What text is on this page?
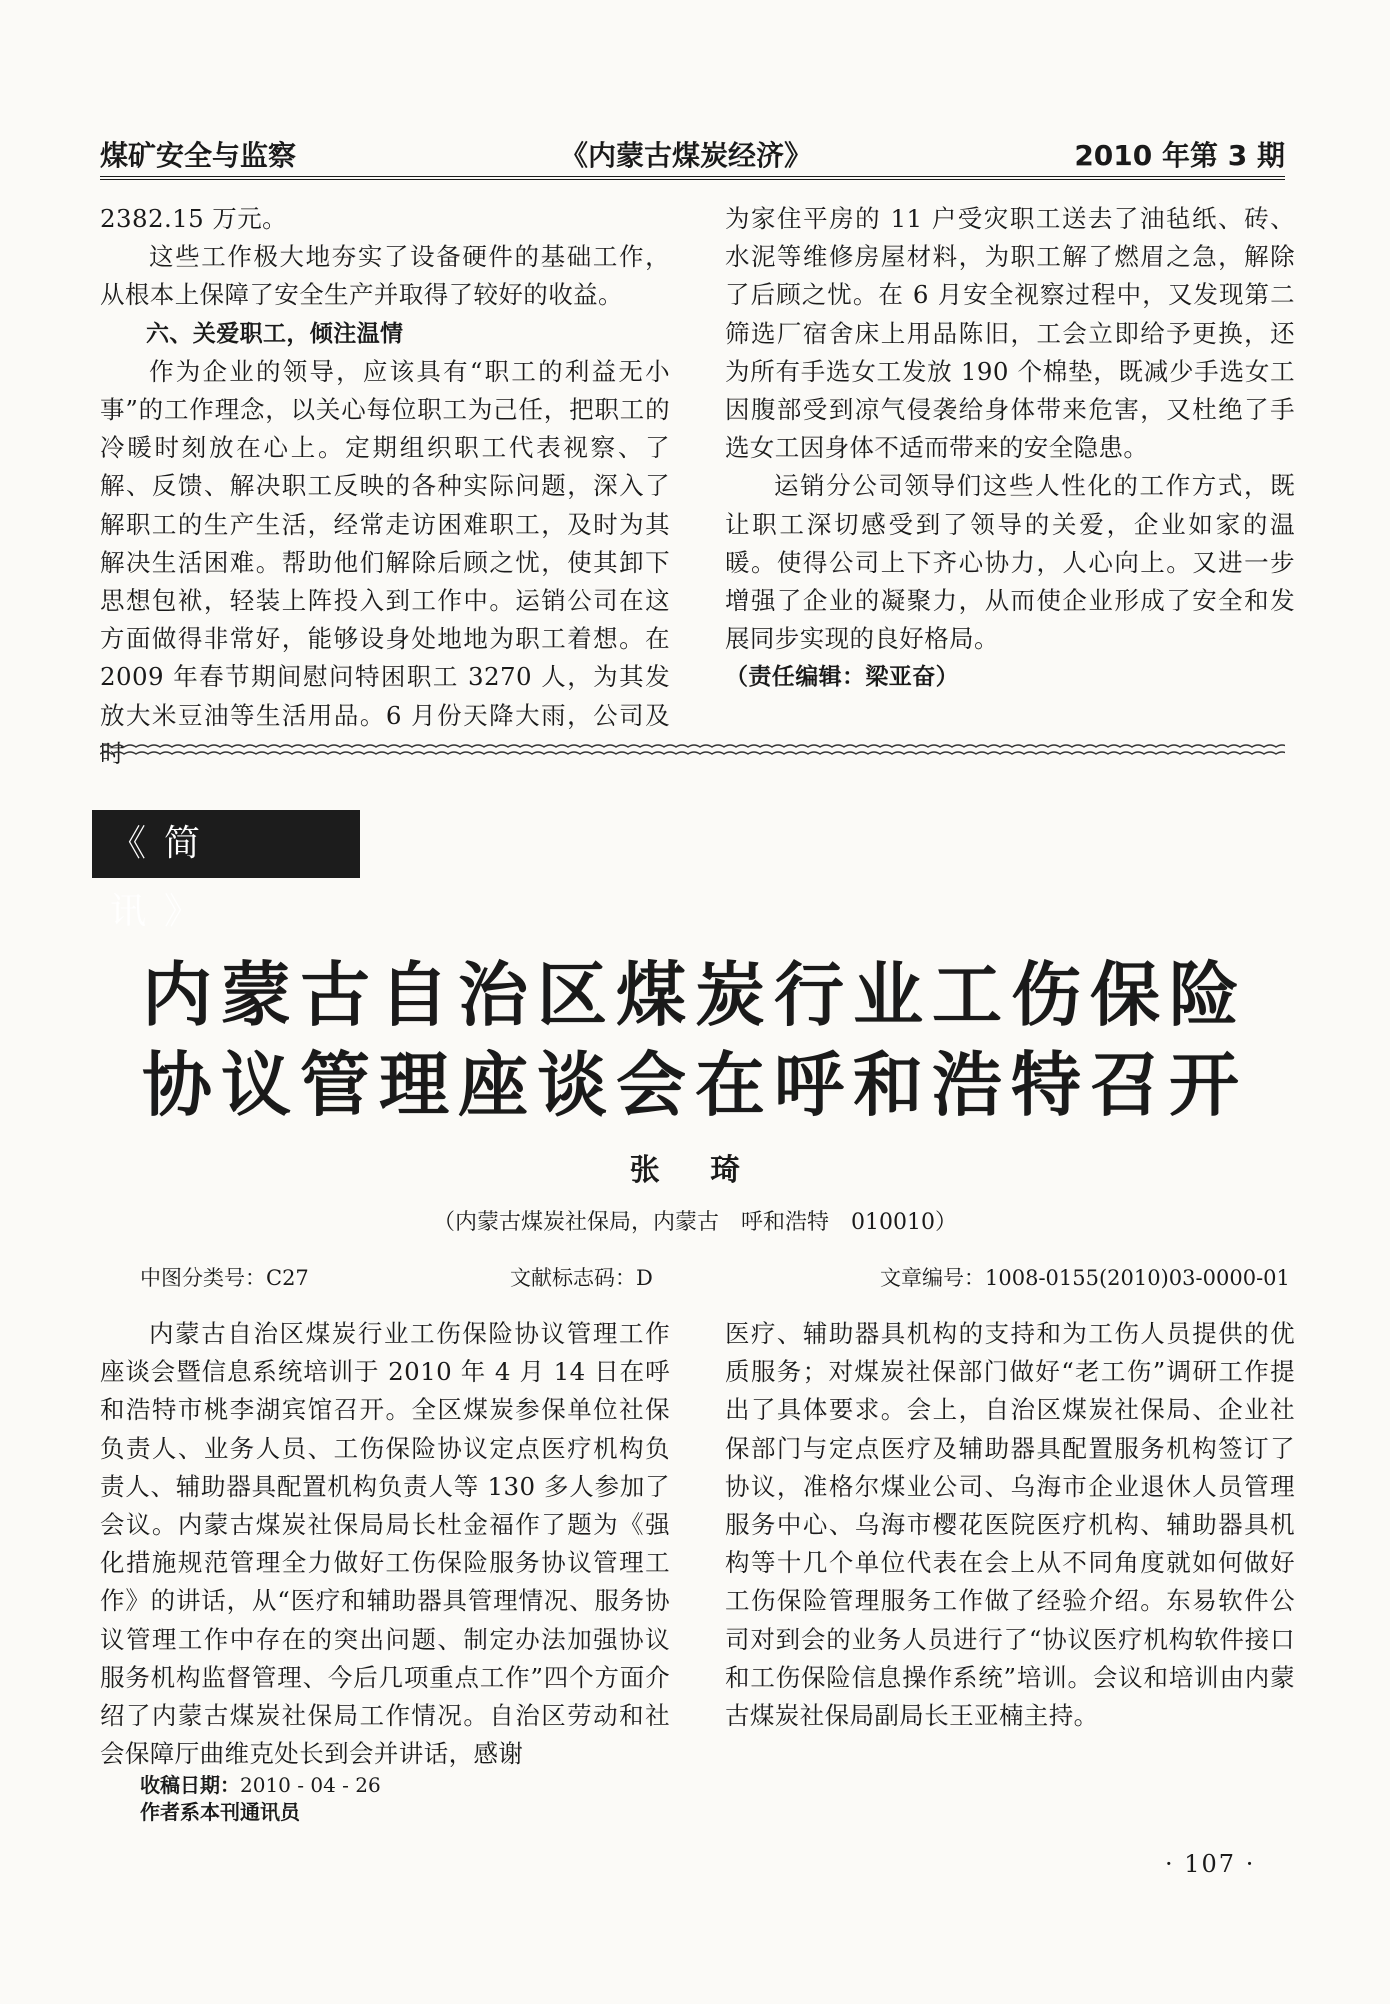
煤矿安全与监察	《内蒙古煤炭经济》	2010 年第 3 期

2382.15 万元。

这些工作极大地夯实了设备硬件的基础工作，从根本上保障了安全生产并取得了较好的收益。

六、关爱职工，倾注温情

作为企业的领导，应该具有“职工的利益无小事”的工作理念，以关心每位职工为己任，把职工的冷暖时刻放在心上。定期组织职工代表视察、了解、反馈、解决职工反映的各种实际问题，深入了解职工的生产生活，经常走访困难职工，及时为其解决生活困难。帮助他们解除后顾之忧，使其卸下思想包袱，轻装上阵投入到工作中。运销公司在这方面做得非常好，能够设身处地地为职工着想。在2009 年春节期间慰问特困职工 3270 人，为其发放大米豆油等生活用品。6 月份天降大雨，公司及时

为家住平房的 11 户受灾职工送去了油毡纸、砖、水泥等维修房屋材料，为职工解了燃眉之急，解除了后顾之忧。在 6 月安全视察过程中，又发现第二筛选厂宿舍床上用品陈旧，工会立即给予更换，还为所有手选女工发放 190 个棉垫，既减少手选女工因腹部受到凉气侵袭给身体带来危害，又杜绝了手选女工因身体不适而带来的安全隐患。

运销分公司领导们这些人性化的工作方式，既让职工深切感受到了领导的关爱，企业如家的温暖。使得公司上下齐心协力，人心向上。又进一步增强了企业的凝聚力，从而使企业形成了安全和发展同步实现的良好格局。

（责任编辑：梁亚奋）

《简　讯》
内蒙古自治区煤炭行业工伤保险
协议管理座谈会在呼和浩特召开
张 琦
（内蒙古煤炭社保局，内蒙古　呼和浩特　010010）
中图分类号：C27	文献标志码：D	文章编号：1008-0155(2010)03-0000-01

内蒙古自治区煤炭行业工伤保险协议管理工作座谈会暨信息系统培训于 2010 年 4 月 14 日在呼和浩特市桃李湖宾馆召开。全区煤炭参保单位社保负责人、业务人员、工伤保险协议定点医疗机构负责人、辅助器具配置机构负责人等 130 多人参加了会议。内蒙古煤炭社保局局长杜金福作了题为《强化措施规范管理全力做好工伤保险服务协议管理工作》的讲话，从“医疗和辅助器具管理情况、服务协议管理工作中存在的突出问题、制定办法加强协议服务机构监督管理、今后几项重点工作”四个方面介绍了内蒙古煤炭社保局工作情况。自治区劳动和社会保障厅曲维克处长到会并讲话，感谢

医疗、辅助器具机构的支持和为工伤人员提供的优质服务；对煤炭社保部门做好“老工伤”调研工作提出了具体要求。会上，自治区煤炭社保局、企业社保部门与定点医疗及辅助器具配置服务机构签订了协议，准格尔煤业公司、乌海市企业退休人员管理服务中心、乌海市樱花医院医疗机构、辅助器具机构等十几个单位代表在会上从不同角度就如何做好工伤保险管理服务工作做了经验介绍。东易软件公司对到会的业务人员进行了“协议医疗机构软件接口和工伤保险信息操作系统”培训。会议和培训由内蒙古煤炭社保局副局长王亚楠主持。

收稿日期：2010 - 04 - 26
作者系本刊通讯员
· 107 ·
